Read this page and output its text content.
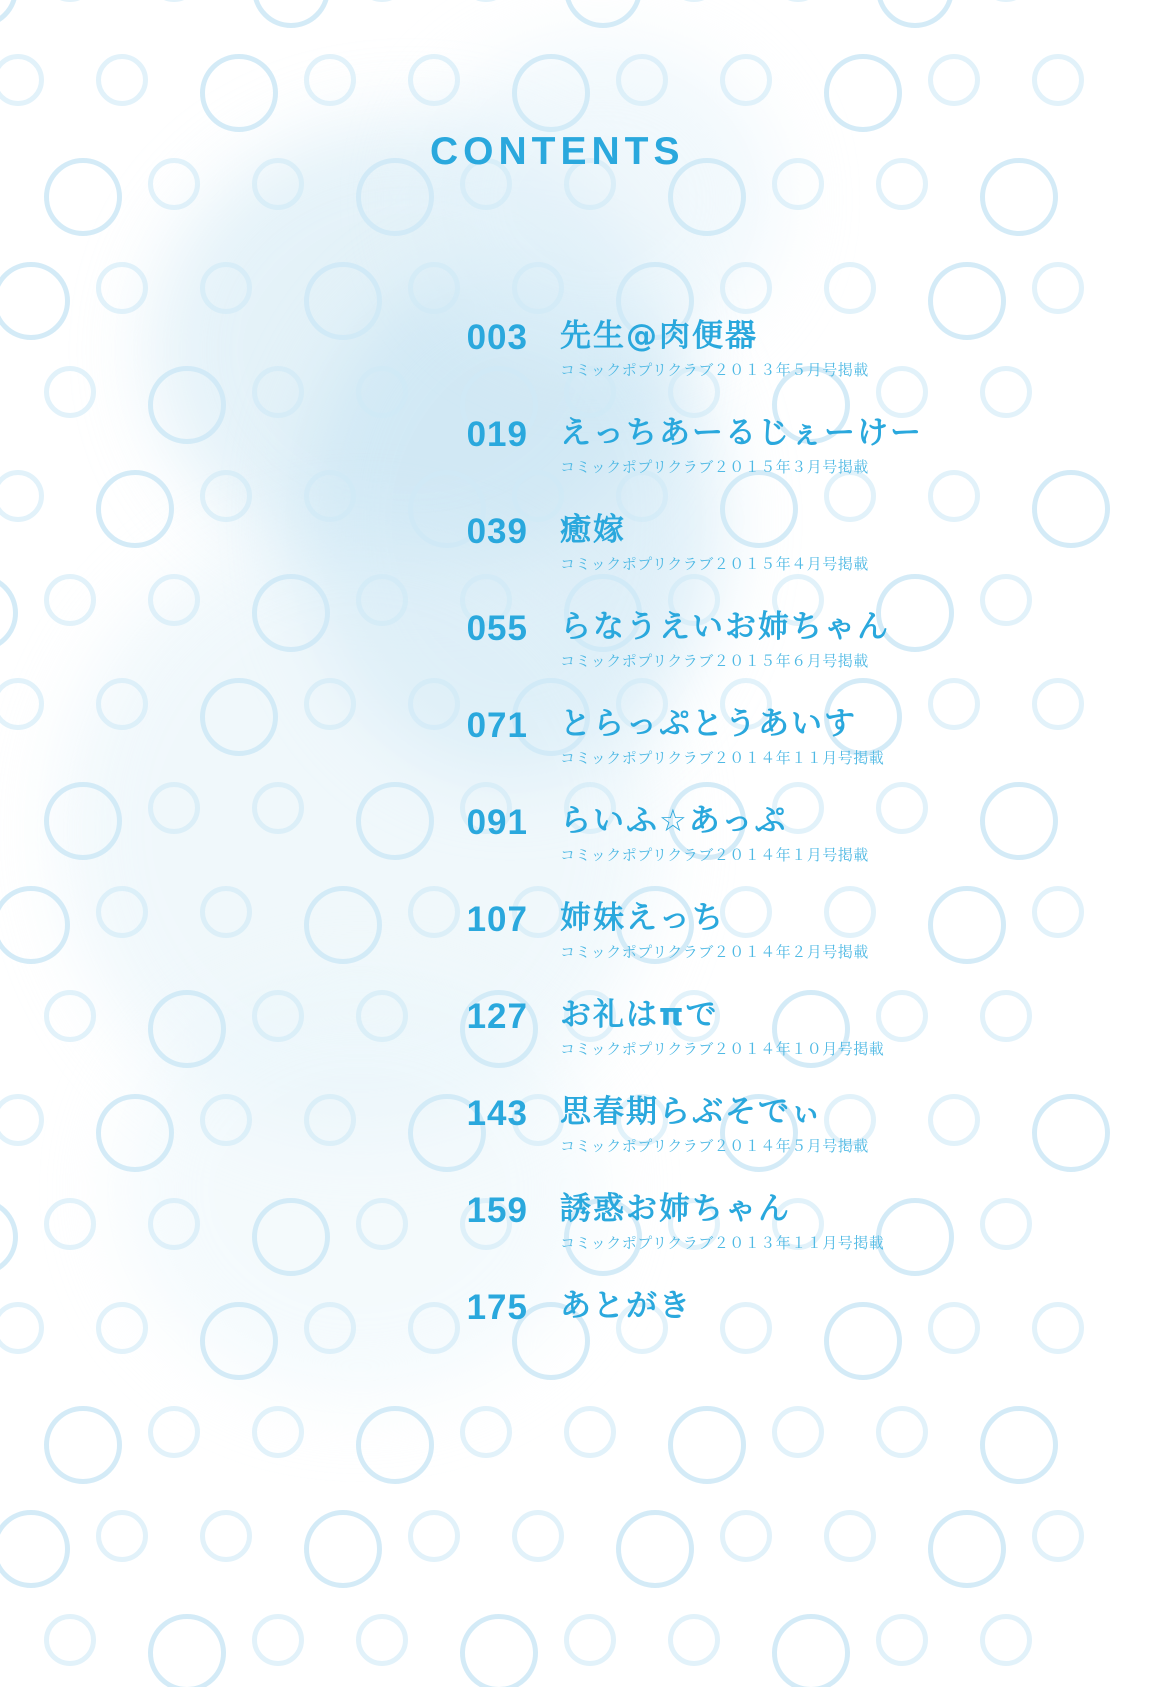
CONTENTS
003 先生@肉便器
コミックポプリクラブ２０１３年５月号掲載
019 えっちあーるじぇーけー
コミックポプリクラブ２０１５年３月号掲載
039 癒嫁
コミックポプリクラブ２０１５年４月号掲載
055 らなうえいお姉ちゃん
コミックポプリクラブ２０１５年６月号掲載
071 とらっぷとうあいす
コミックポプリクラブ２０１４年１１月号掲載
091 らいふ☆あっぷ
コミックポプリクラブ２０１４年１月号掲載
107 姉妹えっち
コミックポプリクラブ２０１４年２月号掲載
127 お礼はπで
コミックポプリクラブ２０１４年１０月号掲載
143 思春期らぶそでぃ
コミックポプリクラブ２０１４年５月号掲載
159 誘惑お姉ちゃん
コミックポプリクラブ２０１３年１１月号掲載
175 あとがき
